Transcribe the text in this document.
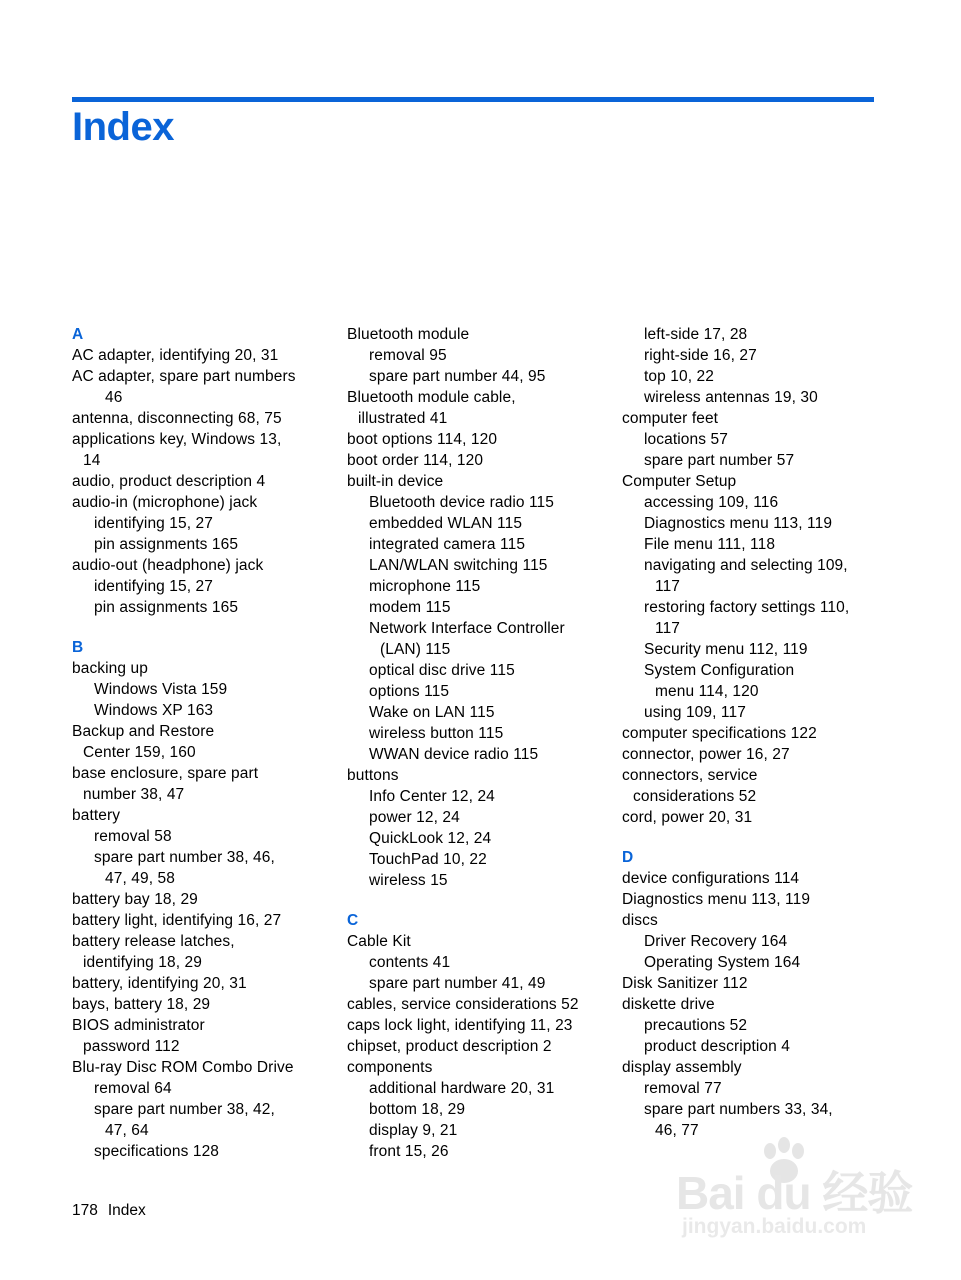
Index
A
AC adapter, identifying 20, 31
AC adapter, spare part numbers
46
antenna, disconnecting 68, 75
applications key, Windows 13,
14
audio, product description 4
audio-in (microphone) jack
identifying 15, 27
pin assignments 165
audio-out (headphone) jack
identifying 15, 27
pin assignments 165
B
backing up
Windows Vista 159
Windows XP 163
Backup and Restore
Center 159, 160
base enclosure, spare part
number 38, 47
battery
removal 58
spare part number 38, 46,
47, 49, 58
battery bay 18, 29
battery light, identifying 16, 27
battery release latches,
identifying 18, 29
battery, identifying 20, 31
bays, battery 18, 29
BIOS administrator
password 112
Blu-ray Disc ROM Combo Drive
removal 64
spare part number 38, 42,
47, 64
specifications 128
Bluetooth module
removal 95
spare part number 44, 95
Bluetooth module cable,
illustrated 41
boot options 114, 120
boot order 114, 120
built-in device
Bluetooth device radio 115
embedded WLAN 115
integrated camera 115
LAN/WLAN switching 115
microphone 115
modem 115
Network Interface Controller
(LAN) 115
optical disc drive 115
options 115
Wake on LAN 115
wireless button 115
WWAN device radio 115
buttons
Info Center 12, 24
power 12, 24
QuickLook 12, 24
TouchPad 10, 22
wireless 15
C
Cable Kit
contents 41
spare part number 41, 49
cables, service considerations 52
caps lock light, identifying 11, 23
chipset, product description 2
components
additional hardware 20, 31
bottom 18, 29
display 9, 21
front 15, 26
left-side 17, 28
right-side 16, 27
top 10, 22
wireless antennas 19, 30
computer feet
locations 57
spare part number 57
Computer Setup
accessing 109, 116
Diagnostics menu 113, 119
File menu 111, 118
navigating and selecting 109,
117
restoring factory settings 110,
117
Security menu 112, 119
System Configuration
menu 114, 120
using 109, 117
computer specifications 122
connector, power 16, 27
connectors, service
considerations 52
cord, power 20, 31
D
device configurations 114
Diagnostics menu 113, 119
discs
Driver Recovery 164
Operating System 164
Disk Sanitizer 112
diskette drive
precautions 52
product description 4
display assembly
removal 77
spare part numbers 33, 34,
46, 77
178 Index	Bai du 经验
jingyan.baidu.com
